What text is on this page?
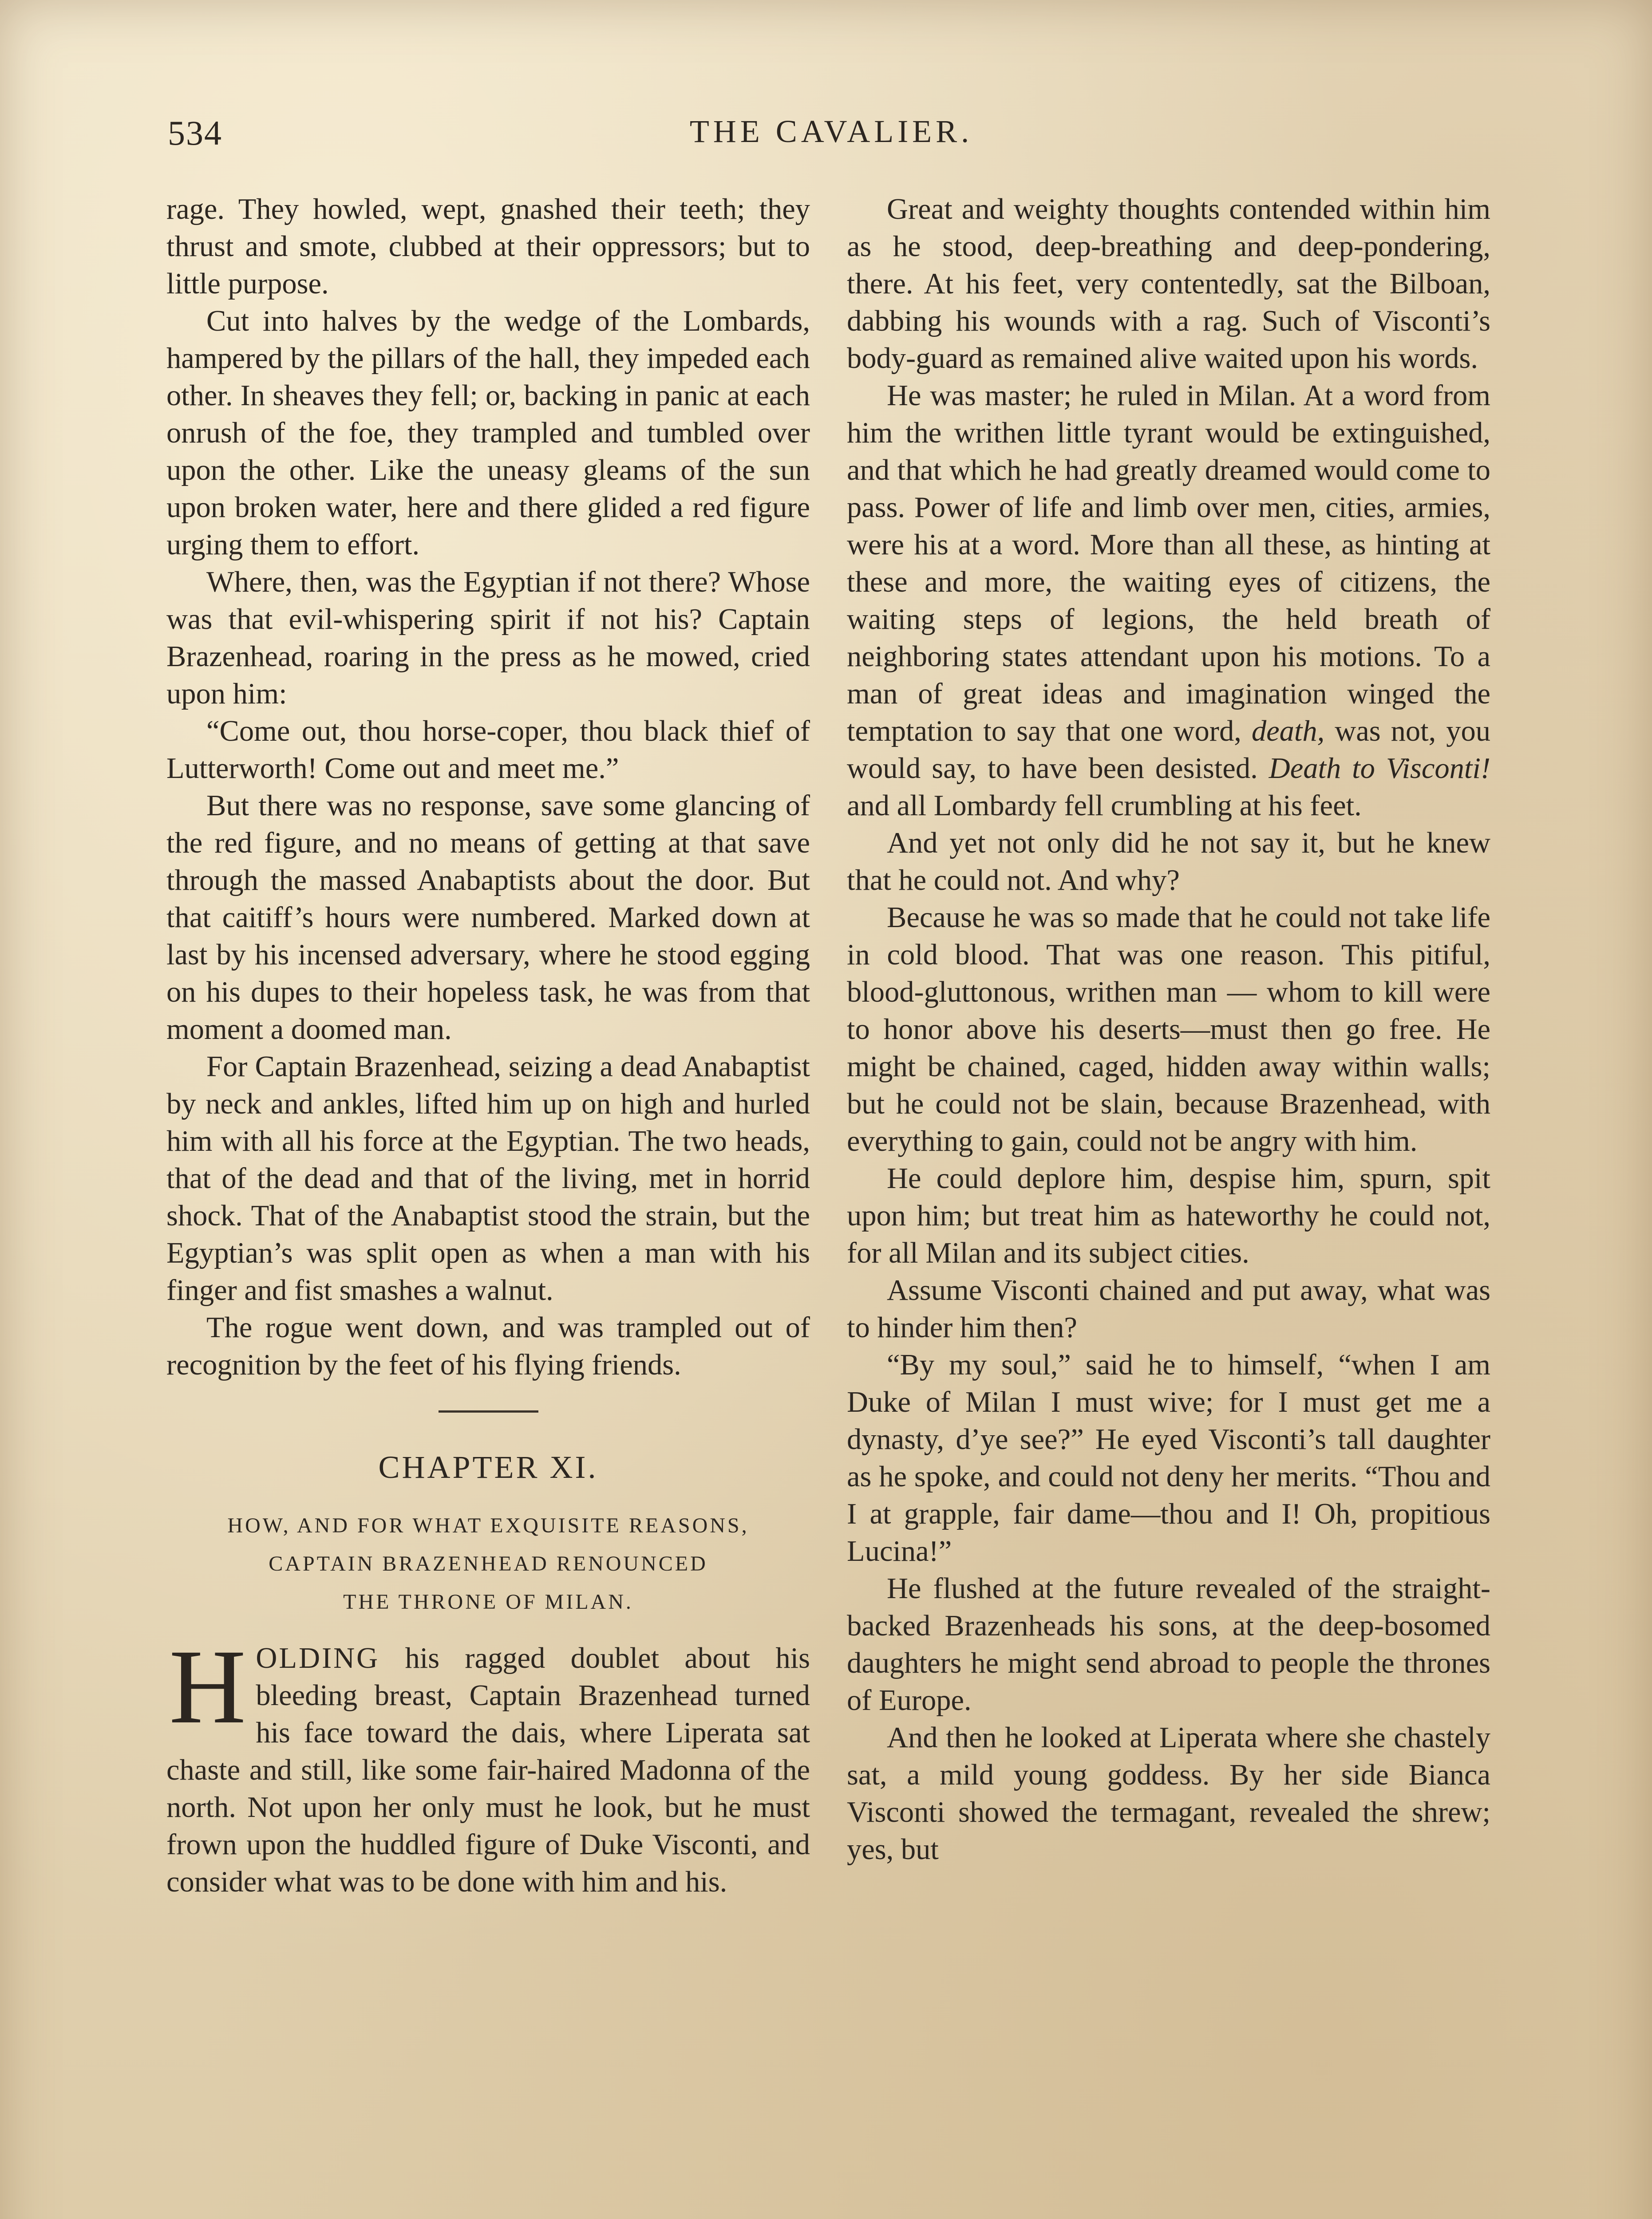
534	THE CAVALIER.

rage. They howled, wept, gnashed their teeth; they thrust and smote, clubbed at their oppressors; but to little purpose.

Cut into halves by the wedge of the Lombards, hampered by the pillars of the hall, they impeded each other. In sheaves they fell; or, backing in panic at each onrush of the foe, they trampled and tumbled over upon the other. Like the uneasy gleams of the sun upon broken water, here and there glided a red figure urging them to effort.

Where, then, was the Egyptian if not there? Whose was that evil-whispering spirit if not his? Captain Brazenhead, roaring in the press as he mowed, cried upon him:

“Come out, thou horse-coper, thou black thief of Lutterworth! Come out and meet me.”

But there was no response, save some glancing of the red figure, and no means of getting at that save through the massed Anabaptists about the door. But that caitiff’s hours were numbered. Marked down at last by his incensed adversary, where he stood egging on his dupes to their hopeless task, he was from that moment a doomed man.

For Captain Brazenhead, seizing a dead Anabaptist by neck and ankles, lifted him up on high and hurled him with all his force at the Egyptian. The two heads, that of the dead and that of the living, met in horrid shock. That of the Anabaptist stood the strain, but the Egyptian’s was split open as when a man with his finger and fist smashes a walnut.

The rogue went down, and was trampled out of recognition by the feet of his flying friends.

CHAPTER XI.
HOW, AND FOR WHAT EXQUISITE REASONS,
CAPTAIN BRAZENHEAD RENOUNCED
THE THRONE OF MILAN.

HOLDING his ragged doublet about his bleeding breast, Captain Brazenhead turned his face toward the dais, where Liperata sat chaste and still, like some fair-haired Madonna of the north. Not upon her only must he look, but he must frown upon the huddled figure of Duke Visconti, and consider what was to be done with him and his.

Great and weighty thoughts contended within him as he stood, deep-breathing and deep-pondering, there. At his feet, very contentedly, sat the Bilboan, dabbing his wounds with a rag. Such of Visconti’s body-guard as remained alive waited upon his words.

He was master; he ruled in Milan. At a word from him the writhen little tyrant would be extinguished, and that which he had greatly dreamed would come to pass. Power of life and limb over men, cities, armies, were his at a word. More than all these, as hinting at these and more, the waiting eyes of citizens, the waiting steps of legions, the held breath of neighboring states attendant upon his motions. To a man of great ideas and imagination winged the temptation to say that one word, death, was not, you would say, to have been desisted. Death to Visconti! and all Lombardy fell crumbling at his feet.

And yet not only did he not say it, but he knew that he could not. And why?

Because he was so made that he could not take life in cold blood. That was one reason. This pitiful, blood-gluttonous, writhen man — whom to kill were to honor above his deserts—must then go free. He might be chained, caged, hidden away within walls; but he could not be slain, because Brazenhead, with everything to gain, could not be angry with him.

He could deplore him, despise him, spurn, spit upon him; but treat him as hateworthy he could not, for all Milan and its subject cities.

Assume Visconti chained and put away, what was to hinder him then?

“By my soul,” said he to himself, “when I am Duke of Milan I must wive; for I must get me a dynasty, d’ye see?” He eyed Visconti’s tall daughter as he spoke, and could not deny her merits. “Thou and I at grapple, fair dame—thou and I! Oh, propitious Lucina!”

He flushed at the future revealed of the straight-backed Brazenheads his sons, at the deep-bosomed daughters he might send abroad to people the thrones of Europe.

And then he looked at Liperata where she chastely sat, a mild young goddess. By her side Bianca Visconti showed the termagant, revealed the shrew; yes, but
